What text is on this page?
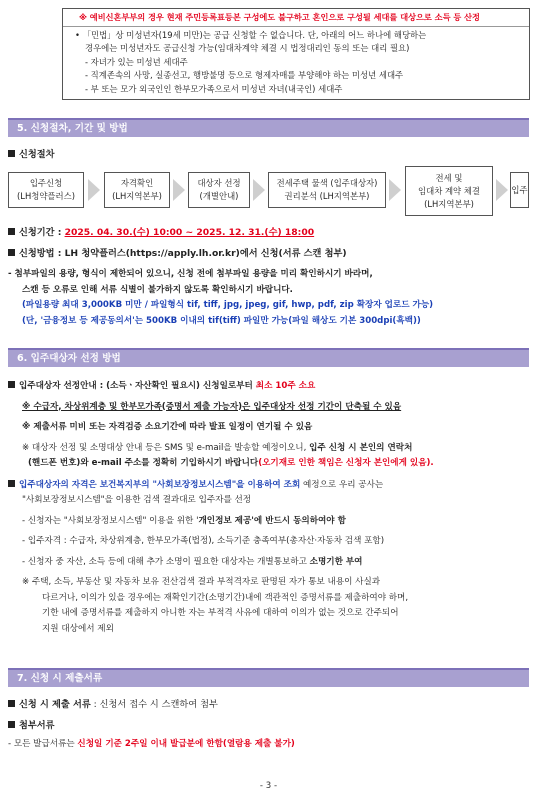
※ 예비신혼부부의 경우 현재 주민등록표등본 구성에도 불구하고 혼인으로 구성될 세대를 대상으로 소득 등 산정
• 「민법」상 미성년자(19세 미만)는 공급 신청할 수 없습니다. 단, 아래의 어느 하나에 해당하는
경우에는 미성년자도 공급신청 가능(임대차계약 체결 시 법정대리인 동의 또는 대리 필요)
- 자녀가 있는 미성년 세대주
- 직계존속의 사망, 실종선고, 행방불명 등으로 형제자매를 부양해야 하는 미성년 세대주
- 부 또는 모가 외국인인 한부모가족으로서 미성년 자녀(내국인) 세대주
5. 신청절차, 기간 및 방법
신청절차
입주신청
(LH청약플러스)
자격확인
(LH지역본부)
대상자 선정
(개별안내)
전세주택 물색 (입주대상자)
권리분석 (LH지역본부)
전세 및
임대차 계약 체결
(LH지역본부)
입주
신청기간 : 2025. 04. 30.(수) 10:00 ~ 2025. 12. 31.(수) 18:00
신청방법 : LH 청약플러스(https://apply.lh.or.kr)에서 신청(서류 스캔 첨부)
- 첨부파일의 용량, 형식이 제한되어 있으니, 신청 전에 첨부파일 용량을 미리 확인하시기 바라며,
스캔 등 오류로 인해 서류 식별이 불가하지 않도록 확인하시기 바랍니다.
(파일용량 최대 3,000KB 미만 / 파일형식 tif, tiff, jpg, jpeg, gif, hwp, pdf, zip 확장자 업로드 가능)
(단, '금융정보 등 제공동의서'는 500KB 이내의 tif(tiff) 파일만 가능(파일 해상도 기본 300dpi(흑백))
6. 입주대상자 선정 방법
입주대상자 선정안내 : (소득ㆍ자산확인 필요시) 신청일로부터 최소 10주 소요
※ 수급자, 차상위계층 및 한부모가족(증명서 제출 가능자)은 입주대상자 선정 기간이 단축될 수 있음
※ 제출서류 미비 또는 자격검증 소요기간에 따라 발표 일정이 연기될 수 있음
※ 대상자 선정 및 소명대상 안내 등은 SMS 및 e-mail을 발송할 예정이오니, 입주 신청 시 본인의 연락처
(핸드폰 번호)와 e-mail 주소를 정확히 기입하시기 바랍니다(오기재로 인한 책임은 신청자 본인에게 있음).
입주대상자의 자격은 보건복지부의 "사회보장정보시스템"을 이용하여 조회 예정으로 우리 공사는
"사회보장정보시스템"을 이용한 검색 결과대로 입주자를 선정
- 신청자는 "사회보장정보시스템" 이용을 위한 '개인정보 제공'에 반드시 동의하여야 함
- 입주자격 : 수급자, 차상위계층, 한부모가족(법정), 소득기준 충족여부(총자산·자동차 검색 포함)
- 신청자 중 자산, 소득 등에 대해 추가 소명이 필요한 대상자는 개별통보하고 소명기한 부여
※ 주택, 소득, 부동산 및 자동차 보유 전산검색 결과 부적격자로 판명된 자가 통보 내용이 사실과
다르거나, 이의가 있을 경우에는 재확인기간(소명기간)내에 객관적인 증명서류를 제출하여야 하며,
기한 내에 증명서류를 제출하지 아니한 자는 부적격 사유에 대하여 이의가 없는 것으로 간주되어
지원 대상에서 제외
7. 신청 시 제출서류
신청 시 제출 서류 : 신청서 접수 시 스캔하여 첨부
첨부서류
- 모든 발급서류는 신청일 기준 2주일 이내 발급분에 한함(열람용 제출 불가)
- 3 -
